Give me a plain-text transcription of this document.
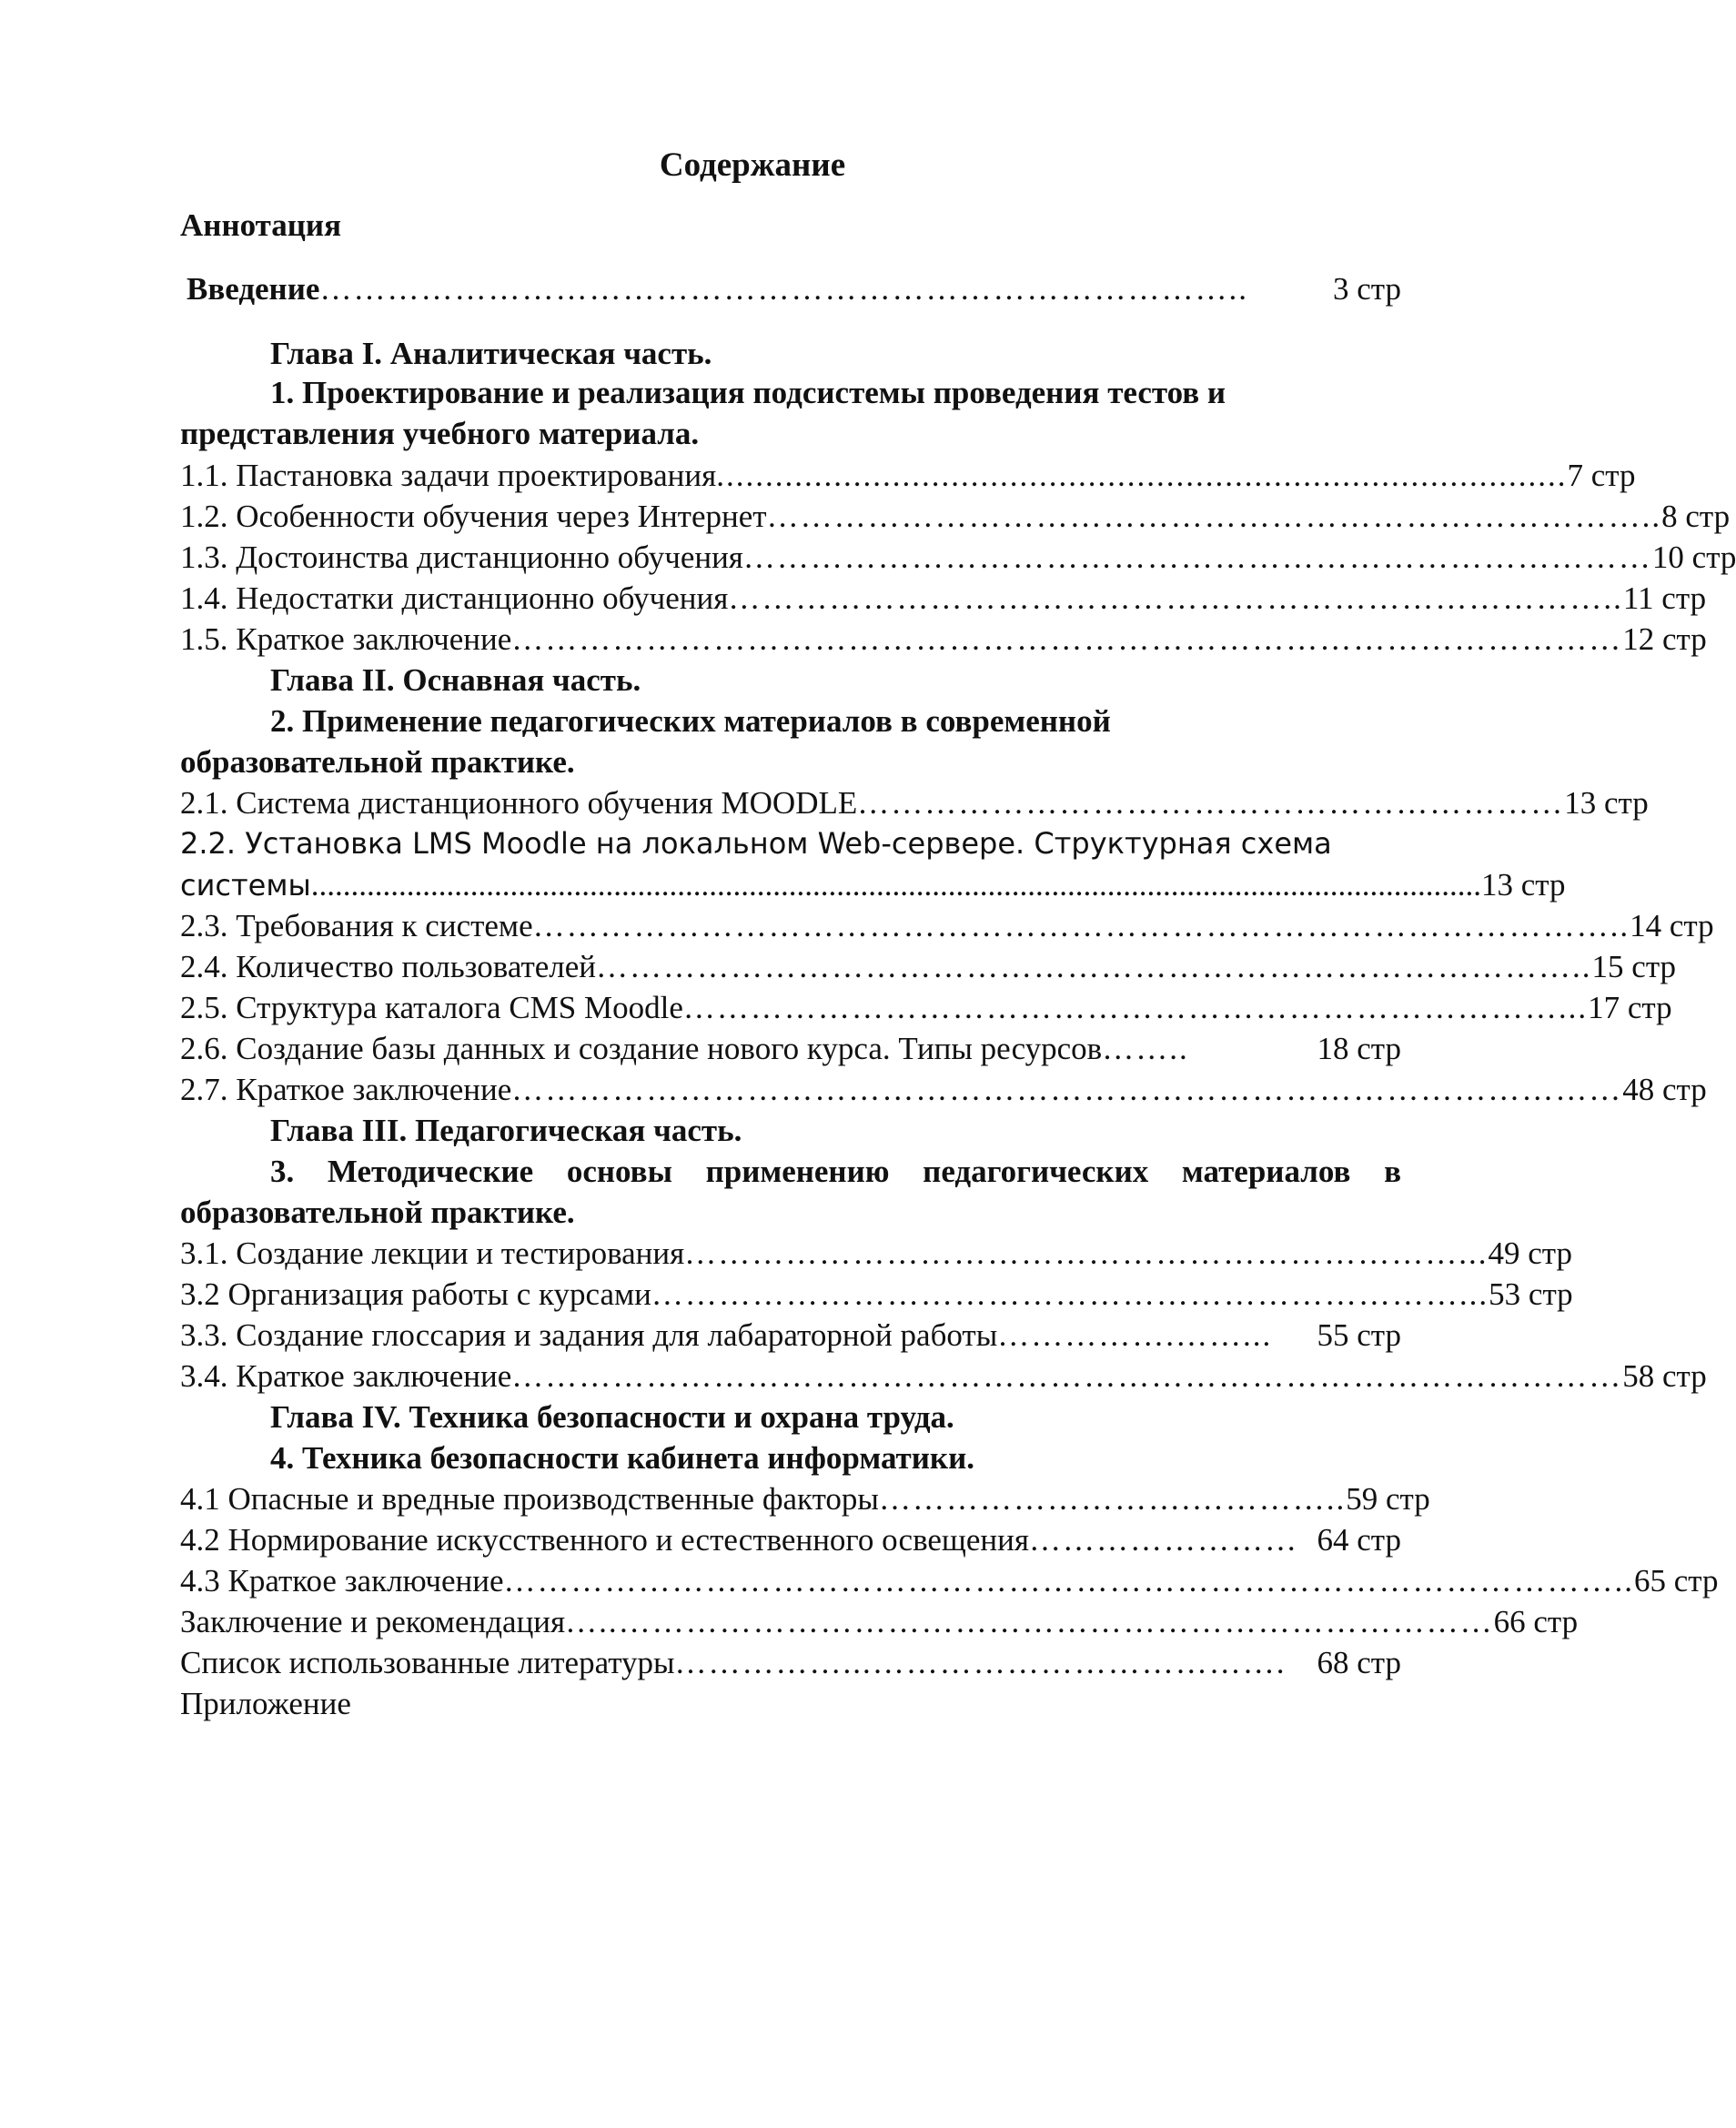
Содержание
Аннотация
Введение ………………………………………………………………………..	3 стр
Глава I. Аналитическая часть.
1. Проектирование и реализация подсистемы проведения тестов и
представления учебного материала.
1.1. Пастановка задачи проектирования ....................................................................................... 7 стр
1.2. Особенности обучения через Интернет …………………………………………………………………….. 8 стр
1.3. Достоинства дистанционно обучения ……………………………………………………………………… 10 стр
1.4. Недостатки дистанционно обучения …………………………………………………………………….. 11 стр
1.5. Краткое заключение ……………………………………………………………………………………… 12 стр
Глава II. Оснавная часть.
2. Применение педагогических материалов в современной
образовательной практике.
2.1. Система дистанционного обучения MOODLE ……………………………………………………… 13 стр
2.2. Установка LMS Moodle на локальном Web-сервере. Структурная схема
системы ................................................................................................................................................... 13 стр
2.3. Требования к системе …………………………………………………………………………………….. 14 стр
2.4. Количество пользователей …………………………………………………………………………….. 15 стр
2.5. Структура каталога CMS Moodle ……………………………………………………………………... 17 стр
2.6. Создание базы данных и создание нового курса. Типы ресурсов ……..	18 стр
2.7. Краткое заключение ……………………………………………………………………………………… 48 стр
Глава III. Педагогическая часть.
3. Методические основы применению педагогических материалов в
образовательной практике.
3.1. Создание лекции и тестирования ……………………………………………………………... 49 стр
3.2 Организация работы с курсами ………………………………………………………………... 53 стр
3.3. Создание глоссария и задания для лабараторной работы …………….……...	55 стр
3.4. Краткое заключение ……………………………………………………………………………………… 58 стр
Глава IV. Техника безопасности и охрана труда.
4. Техника безопасности кабинета информатики.
4.1 Опасные и вредные производственные факторы ……………………….………….. 59 стр
4.2 Нормирование искусственного и естественного освещения …………………… 64 стр
4.3 Краткое заключение ……………………………………………………………………………………….. 65 стр
Заключение и рекомендация …..…………………………………………………………………… 66 стр
Список использованные литературы ……………...………………………………. 68 стр
Приложение
